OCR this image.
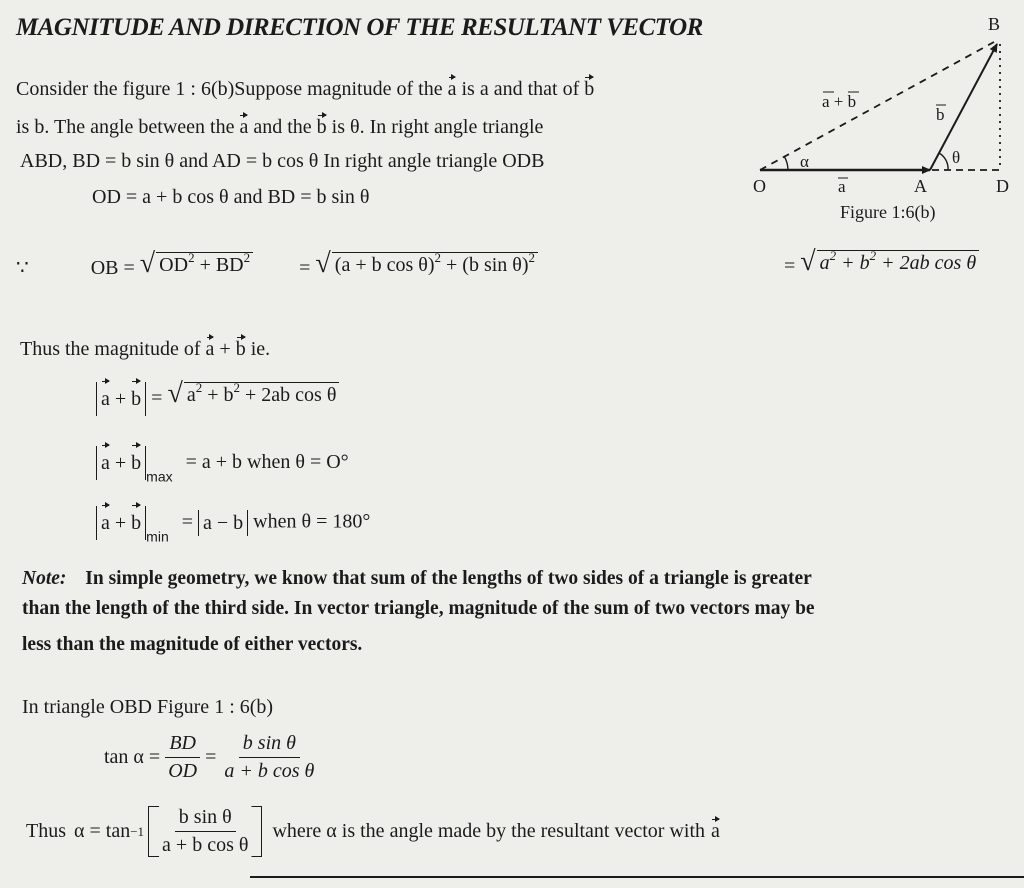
MAGNITUDE AND DIRECTION OF THE RESULTANT VECTOR
O	A	D
B
α	θ
a + b
b
a
Figure 1:6(b)
Consider the figure 1 : 6(b)Suppose magnitude of the a is a and that of b
is b. The angle between the a and the b is θ. In right angle triangle
ABD, BD = b sin θ and AD = b cos θ In right angle triangle ODB
OD = a + b cos θ and BD = b sin θ
∵	OB = √ $OD^2 + BD^2$ = √ (a + b cos θ)$^2$ + (b sin θ)$^2$	= √ $a^2 + b^2 + 2ab$ cos θ
Thus the magnitude of a + b ie.
a + b = √ $a^2 + b^2 + 2ab$ cos θ
$a + b_{max} = a + b$ when θ = O°
$a + b_{min} = a - b$ when θ = 180°
Note: In simple geometry, we know that sum of the lengths of two sides of a triangle is greater
than the length of the third side. In vector triangle, magnitude of the sum of two vectors may be
less than the magnitude of either vectors.
In triangle OBD Figure 1 : 6(b)
$\tan \alpha = \frac{BD}{OD} = \frac{\text{b sin θ}}{\text{a + b cos θ}}$
Thus $\alpha = \tan -1 \frac{\text{b sin θ}}{\text{a + b cos θ}}$ where α is the angle made by the resultant vector with a
